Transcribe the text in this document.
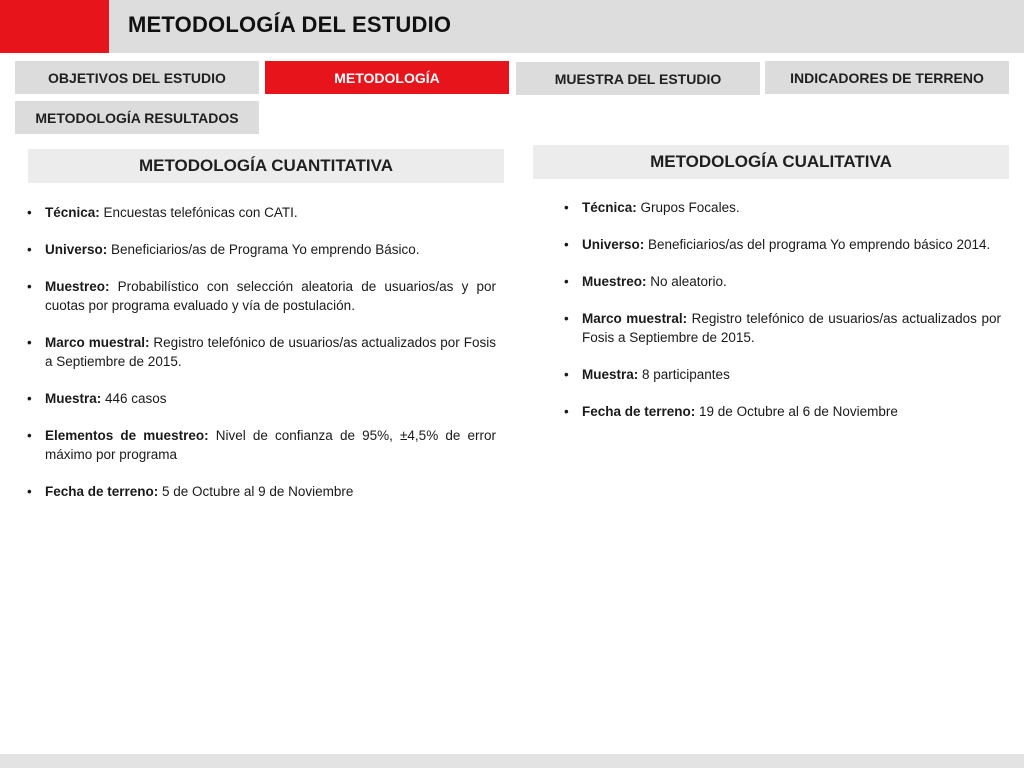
METODOLOGÍA DEL ESTUDIO
OBJETIVOS DEL ESTUDIO	METODOLOGÍA	MUESTRA DEL ESTUDIO	INDICADORES DE TERRENO
METODOLOGÍA RESULTADOS
METODOLOGÍA CUANTITATIVA	METODOLOGÍA CUALITATIVA
• Técnica: Encuestas telefónicas con CATI.
• Universo: Beneficiarios/as de Programa Yo emprendo Básico.
• Muestreo: Probabilístico con selección aleatoria de usuarios/as y por cuotas por programa evaluado y vía de postulación.
• Marco muestral: Registro telefónico de usuarios/as actualizados por Fosis a Septiembre de 2015.
• Muestra: 446 casos
• Elementos de muestreo: Nivel de confianza de 95%, ±4,5% de error máximo por programa
• Fecha de terreno: 5 de Octubre al 9 de Noviembre
• Técnica: Grupos Focales.
• Universo: Beneficiarios/as del programa Yo emprendo básico 2014.
• Muestreo: No aleatorio.
• Marco muestral: Registro telefónico de usuarios/as actualizados por Fosis a Septiembre de 2015.
• Muestra: 8 participantes
• Fecha de terreno: 19 de Octubre al 6 de Noviembre
